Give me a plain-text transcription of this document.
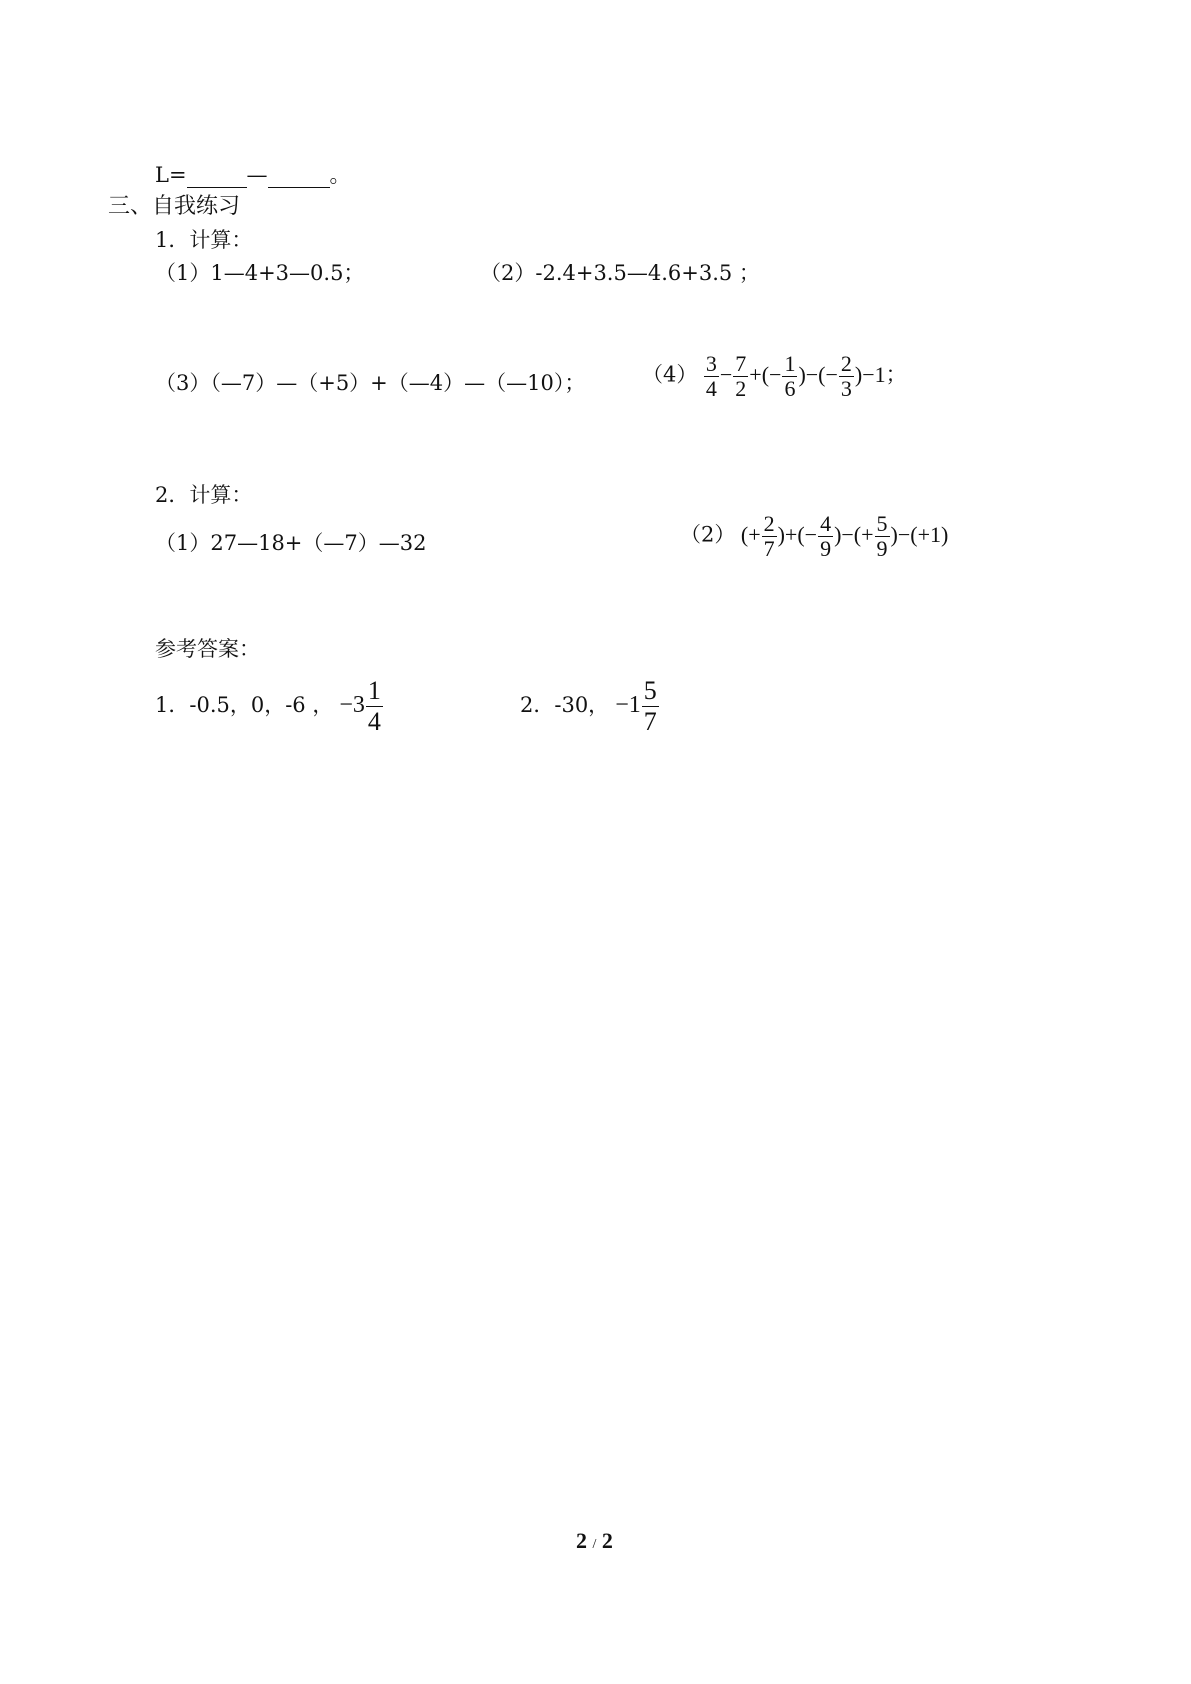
L=	—	。
三、自我练习
1．计算：
（1）1—4+3—0.5；	（2）-2.4+3.5—4.6+3.5 ；
（3）（—7）—（+5）+（—4）—（—10）；	$(4) \frac{3}{4} - \frac{7}{2}$ +(− $\frac{1}{6}$ )−(− $\frac{2}{3} )-1$；
2．计算：
（1）27—18+（—7）—32	（2） (+ $\frac{2}{7}$ )+(− $\frac{4}{9}$ )−(+ $\frac{5}{9} )-(+1)$
参考答案：
1．-0.5，0，-6 ， $-3 \frac{1}{4}$	2．-30， $-1 \frac{5}{7}$
2 / 2
